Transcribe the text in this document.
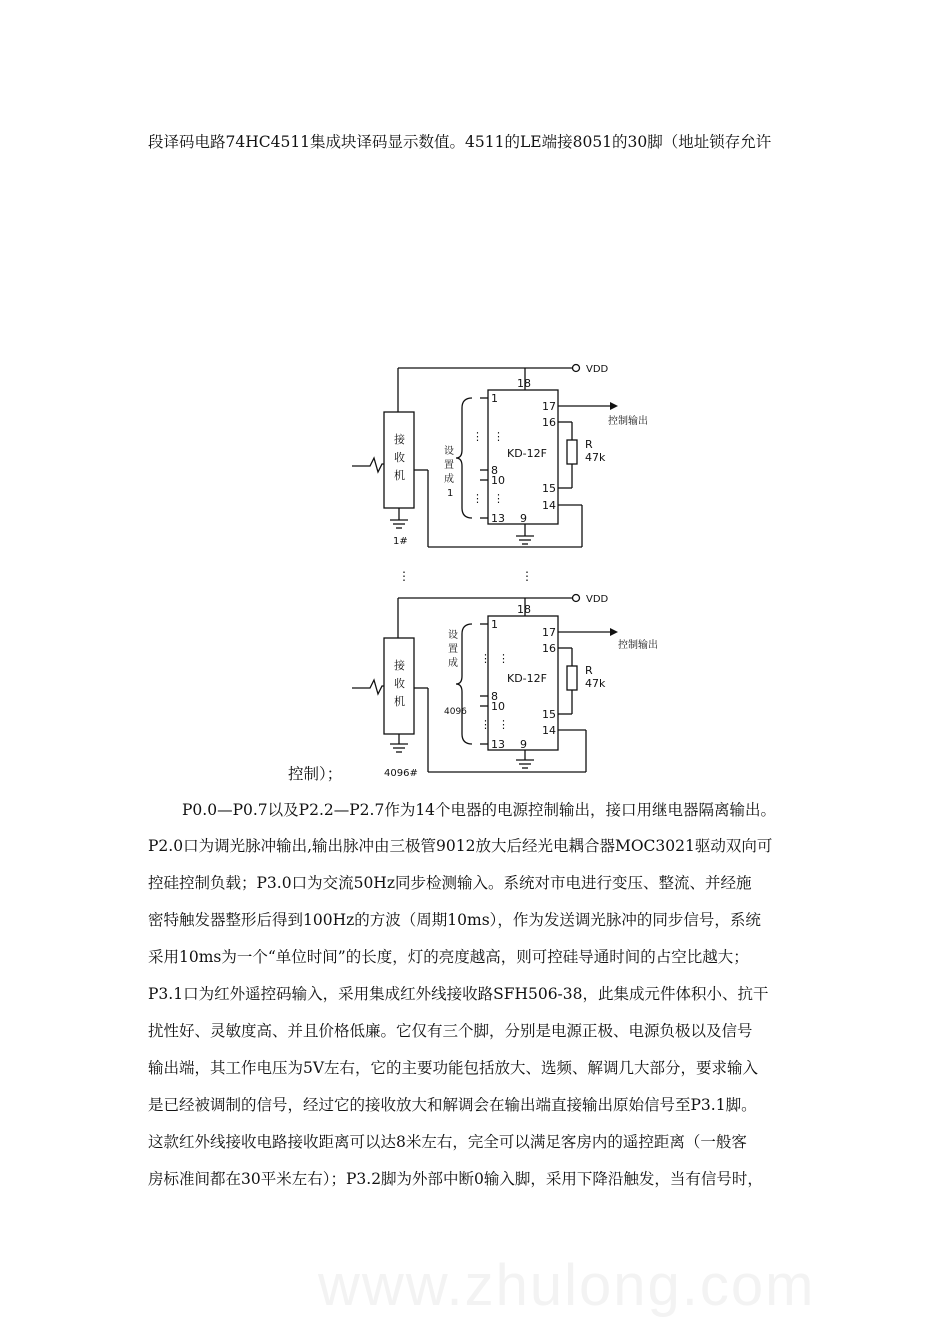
段译码电路74HC4511集成块译码显示数值。4511的LE端接8051的30脚（地址锁存允许
VDD
18
1
17
16
KD-12F
8
10
15
14
13 9
控制输出
R
47k
接
收
机
设
置
成
1
1#
⋮ ⋮
⋮ ⋮
⋮	⋮
VDD
18
1
17
16
KD-12F
8
10
15
14
13 9
控制输出
R
47k
接
收
机
设
置
成
4096
4096#
⋮ ⋮
⋮ ⋮
控制）；
P0.0—P0.7以及P2.2—P2.7作为14个电器的电源控制输出，接口用继电器隔离输出。
P2.0口为调光脉冲输出,输出脉冲由三极管9012放大后经光电耦合器MOC3021驱动双向可
控硅控制负载；P3.0口为交流50Hz同步检测输入。系统对市电进行变压、整流、并经施
密特触发器整形后得到100Hz的方波（周期10ms），作为发送调光脉冲的同步信号，系统
采用10ms为一个“单位时间”的长度，灯的亮度越高，则可控硅导通时间的占空比越大；
P3.1口为红外遥控码输入，采用集成红外线接收路SFH506-38，此集成元件体积小、抗干
扰性好、灵敏度高、并且价格低廉。它仅有三个脚，分别是电源正极、电源负极以及信号
输出端，其工作电压为5V左右，它的主要功能包括放大、选频、解调几大部分，要求输入
是已经被调制的信号，经过它的接收放大和解调会在输出端直接输出原始信号至P3.1脚。
这款红外线接收电路接收距离可以达8米左右，完全可以满足客房内的遥控距离（一般客
房标准间都在30平米左右）；P3.2脚为外部中断0输入脚，采用下降沿触发，当有信号时，
www.zhulong.com
